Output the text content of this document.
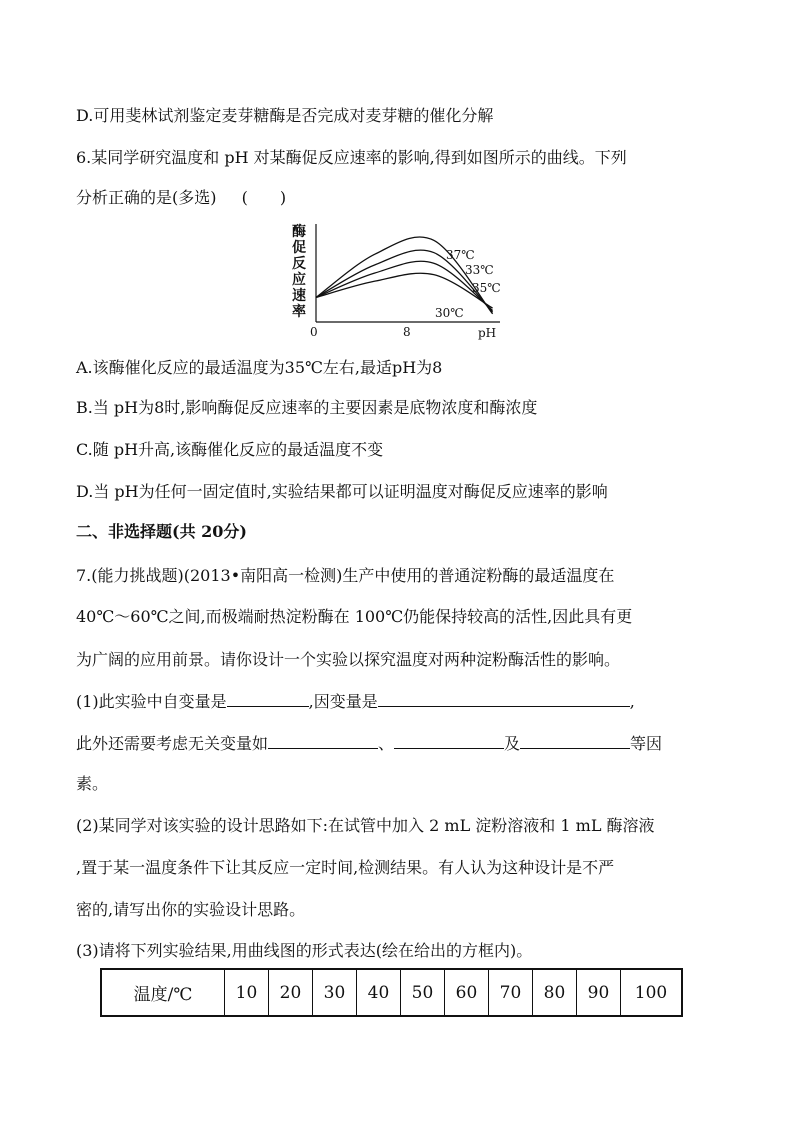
D.可用斐林试剂鉴定麦芽糖酶是否完成对麦芽糖的催化分解
6.某同学研究温度和 pH 对某酶促反应速率的影响,得到如图所示的曲线。下列
分析正确的是(多选) (　　)
酶
促
反
应
速
率
0	8	pH
37℃
33℃
35℃
30℃
A.该酶催化反应的最适温度为35℃左右,最适pH为8
B.当 pH为8时,影响酶促反应速率的主要因素是底物浓度和酶浓度
C.随 pH升高,该酶催化反应的最适温度不变
D.当 pH为任何一固定值时,实验结果都可以证明温度对酶促反应速率的影响
二、非选择题(共 20分)
7.(能力挑战题)(2013•南阳高一检测)生产中使用的普通淀粉酶的最适温度在
40℃～60℃之间,而极端耐热淀粉酶在 100℃仍能保持较高的活性,因此具有更
为广阔的应用前景。请你设计一个实验以探究温度对两种淀粉酶活性的影响。
(1)此实验中自变量是	,因变量是	,
此外还需要考虑无关变量如	、	及	等因
素。
(2)某同学对该实验的设计思路如下:在试管中加入 2 mL 淀粉溶液和 1 mL 酶溶液
,置于某一温度条件下让其反应一定时间,检测结果。有人认为这种设计是不严
密的,请写出你的实验设计思路。
(3)请将下列实验结果,用曲线图的形式表达(绘在给出的方框内)。
温度/℃	10	20	30	40	50	60	70	80	90	100
